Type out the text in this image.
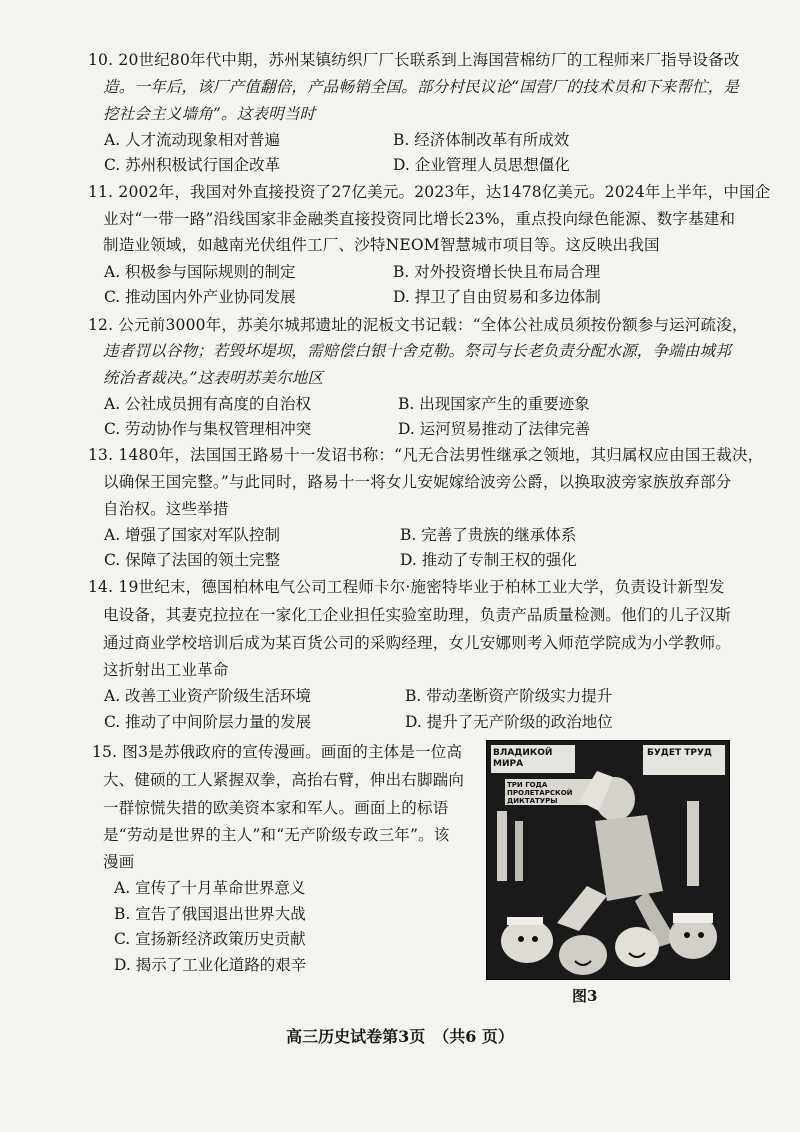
10. 20世纪80年代中期，苏州某镇纺织厂厂长联系到上海国营棉纺厂的工程师来厂指导设备改
造。一年后，该厂产值翻倍，产品畅销全国。部分村民议论“国营厂的技术员和下来帮忙，是
挖社会主义墙角”。这表明当时
A. 人才流动现象相对普遍	B. 经济体制改革有所成效
C. 苏州积极试行国企改革	D. 企业管理人员思想僵化
11. 2002年，我国对外直接投资了27亿美元。2023年，达1478亿美元。2024年上半年，中国企
业对“一带一路”沿线国家非金融类直接投资同比增长23%，重点投向绿色能源、数字基建和
制造业领域，如越南光伏组件工厂、沙特NEOM智慧城市项目等。这反映出我国
A. 积极参与国际规则的制定	B. 对外投资增长快且布局合理
C. 推动国内外产业协同发展	D. 捍卫了自由贸易和多边体制
12. 公元前3000年，苏美尔城邦遗址的泥板文书记载：“全体公社成员须按份额参与运河疏浚，
违者罚以谷物；若毁坏堤坝，需赔偿白银十舍克勒。祭司与长老负责分配水源，争端由城邦
统治者裁决。”这表明苏美尔地区
A. 公社成员拥有高度的自治权	B. 出现国家产生的重要迹象
C. 劳动协作与集权管理相冲突	D. 运河贸易推动了法律完善
13. 1480年，法国国王路易十一发诏书称：“凡无合法男性继承之领地，其归属权应由国王裁决，
以确保王国完整。”与此同时，路易十一将女儿安妮嫁给波旁公爵，以换取波旁家族放弃部分
自治权。这些举措
A. 增强了国家对军队控制	B. 完善了贵族的继承体系
C. 保障了法国的领土完整	D. 推动了专制王权的强化
14. 19世纪末，德国柏林电气公司工程师卡尔·施密特毕业于柏林工业大学，负责设计新型发
电设备，其妻克拉拉在一家化工企业担任实验室助理，负责产品质量检测。他们的儿子汉斯
通过商业学校培训后成为某百货公司的采购经理，女儿安娜则考入师范学院成为小学教师。
这折射出工业革命
A. 改善工业资产阶级生活环境	B. 带动垄断资产阶级实力提升
C. 推动了中间阶层力量的发展	D. 提升了无产阶级的政治地位
15. 图3是苏俄政府的宣传漫画。画面的主体是一位高
大、健硕的工人紧握双拳，高抬右臂，伸出右脚踹向
一群惊慌失措的欧美资本家和军人。画面上的标语
是“劳动是世界的主人”和“无产阶级专政三年”。该
漫画
A. 宣传了十月革命世界意义
B. 宣告了俄国退出世界大战
C. 宣扬新经济政策历史贡献
D. 揭示了工业化道路的艰辛
ВЛАДИКОЙ МИРА
БУДЕТ ТРУД
ТРИ ГОДА ПРОЛЕТАРСКОЙ ДИКТАТУРЫ
图3
高三历史试卷第3页　（共6 页）
